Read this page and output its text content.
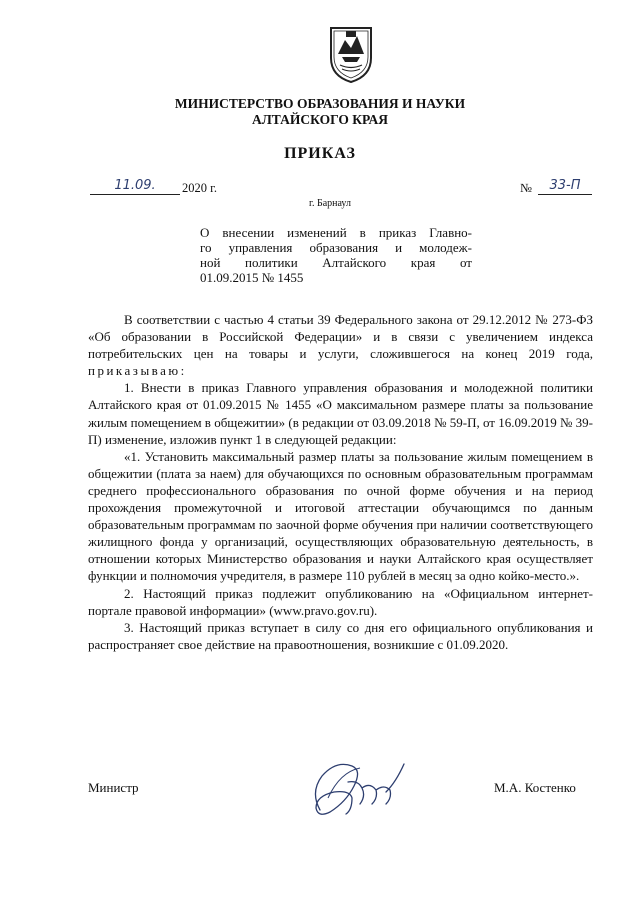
МИНИСТЕРСТВО ОБРАЗОВАНИЯ И НАУКИ
АЛТАЙСКОГО КРАЯ
ПРИКАЗ
11.09.	2020 г.
г. Барнаул
№	33-П
О внесении изменений в приказ Главно-
го управления образования и молодеж-
ной политики Алтайского края от
01.09.2015 № 1455

В соответствии с частью 4 статьи 39 Федерального закона от 29.12.2012 № 273-ФЗ «Об образовании в Российской Федерации» и в связи с увеличением индекса потребительских цен на товары и услуги, сложившегося на конец 2019 года, приказываю:

1. Внести в приказ Главного управления образования и молодежной политики Алтайского края от 01.09.2015 № 1455 «О максимальном размере платы за пользование жилым помещением в общежитии» (в редакции от 03.09.2018 № 59-П, от 16.09.2019 № 39-П) изменение, изложив пункт 1 в следующей редакции:

«1. Установить максимальный размер платы за пользование жилым помещением в общежитии (плата за наем) для обучающихся по основным образовательным программам среднего профессионального образования по очной форме обучения и на период прохождения промежуточной и итоговой аттестации обучающимся по данным образовательным программам по заочной форме обучения при наличии соответствующего жилищного фонда у организаций, осуществляющих образовательную деятельность, в отношении которых Министерство образования и науки Алтайского края осуществляет функции и полномочия учредителя, в размере 110 рублей в месяц за одно койко-место.».

2. Настоящий приказ подлежит опубликованию на «Официальном интернет-портале правовой информации» (www.pravo.gov.ru).

3. Настоящий приказ вступает в силу со дня его официального опубликования и распространяет свое действие на правоотношения, возникшие с 01.09.2020.

Министр	М.А. Костенко
